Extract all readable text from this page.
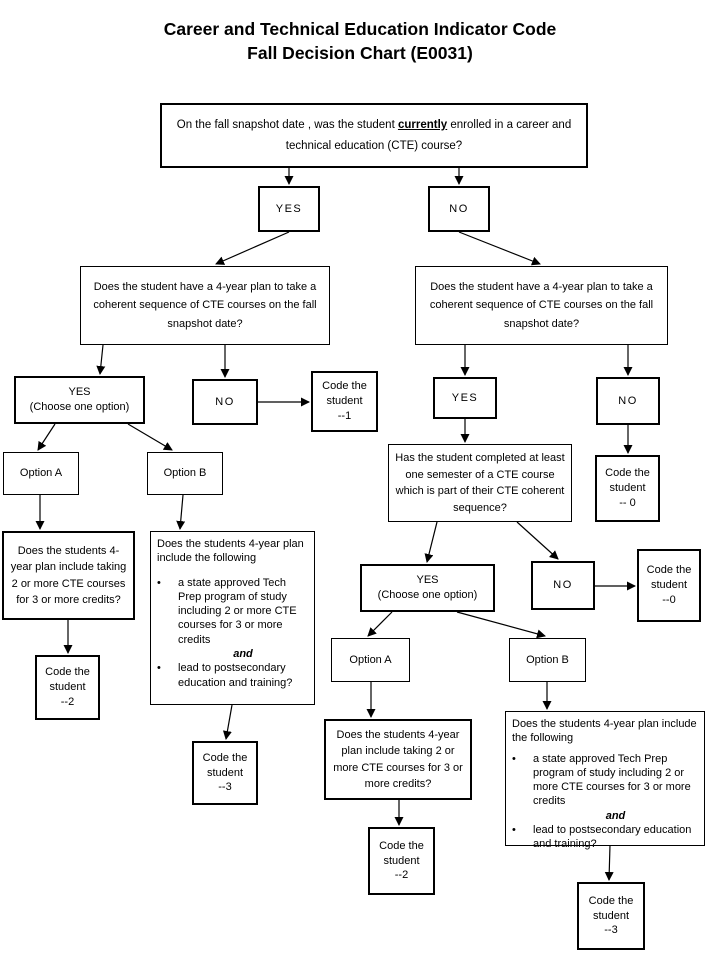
Career and Technical Education Indicator Code
Fall Decision Chart (E0031)
On the fall snapshot date , was the student currently enrolled in a career and technical education (CTE) course?
YES	NO
Does the student have a 4-year plan to take a coherent sequence of CTE courses on the fall snapshot date?
Does the student have a 4-year plan to take a coherent sequence of CTE courses on the fall snapshot date?
YES
(Choose one option)	NO
Code the
student
--1
YES	NO
Code the
student
-- 0
Option A	Option B
Has the student completed at least one semester of a CTE course which is part of their CTE coherent sequence?
Does the students 4- year plan include taking 2 or more CTE courses for 3 or more credits?
Does the students 4-year plan include the following
•	a state approved Tech Prep program of study including 2 or more CTE courses for 3 or more credits
and
•	lead to postsecondary education and training?
YES
(Choose one option)
NO
Code the
student
--0
Code the
student
--2
Option A	Option B
Code the
student
--3
Does the students 4-year plan include taking 2 or more CTE courses for 3 or more credits?
Does the students 4-year plan include the following
•	a state approved Tech Prep program of study including 2 or more CTE courses for 3 or more credits
and
•	lead to postsecondary education and training?
Code the
student
--2
Code the
student
--3
